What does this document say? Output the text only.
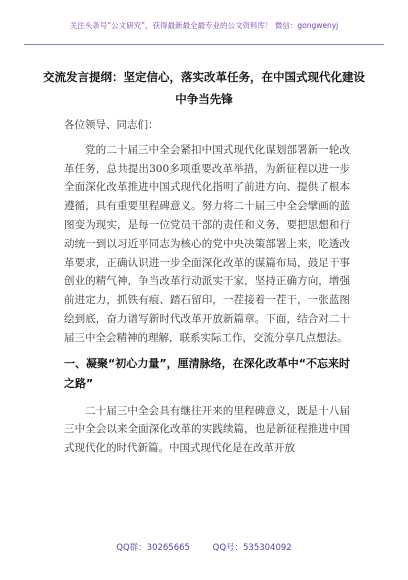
关注头条号“公文研究”，获得最新最全最专业的公文资料库！ 微信：gongwenyj
交流发言提纲：坚定信心，落实改革任务，在中国式现代化建设中争当先锋

各位领导、同志们：

党的二十届三中全会紧扣中国式现代化谋划部署新一轮改革任务，总共提出300多项重要改革举措，为新征程以进一步全面深化改革推进中国式现代化指明了前进方向、提供了根本遵循，具有重要里程碑意义。努力将二十届三中全会擘画的蓝图变为现实，是每一位党员干部的责任和义务，要把思想和行动统一到以习近平同志为核心的党中央决策部署上来，吃透改革要求，正确认识进一步全面深化改革的谋篇布局，鼓足干事创业的精气神，争当改革行动派实干家，坚持正确方向，增强前进定力，抓铁有痕、踏石留印，一茬接着一茬干，一张蓝图绘到底，奋力谱写新时代改革开放新篇章。下面，结合对二十届三中全会精神的理解，联系实际工作，交流分享几点想法。

一、凝聚“初心力量”，厘清脉络，在深化改革中“不忘来时之路”

二十届三中全会具有继往开来的里程碑意义，既是十八届三中全会以来全面深化改革的实践续篇，也是新征程推进中国式现代化的时代新篇。中国式现代化是在改革开放

QQ群：30265665	QQ号：535304092
